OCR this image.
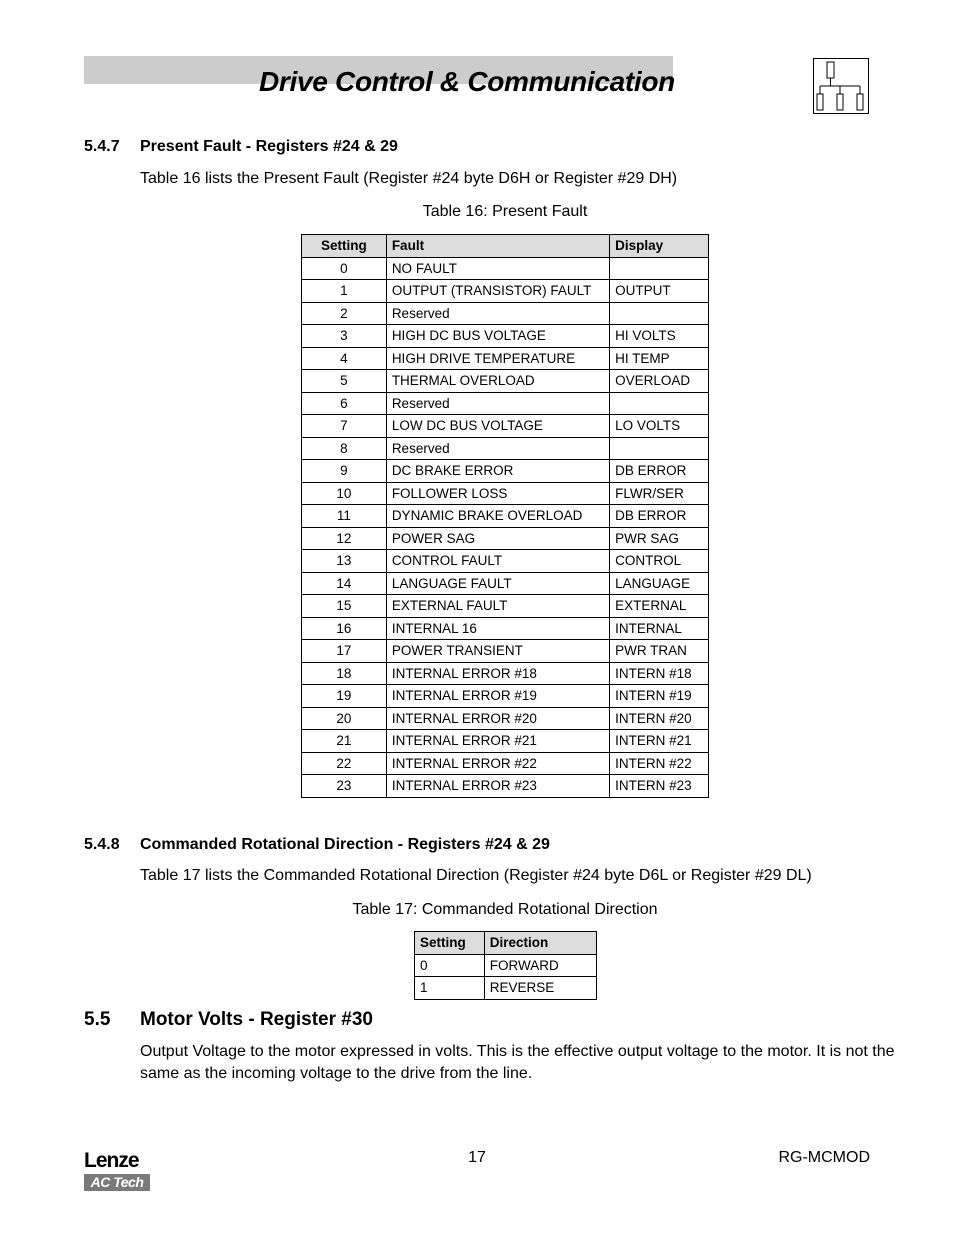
Drive Control & Communication
5.4.7 Present Fault - Registers #24 & 29
Table 16 lists the Present Fault (Register #24 byte D6H or Register #29 DH)
Table 16: Present Fault
Setting	Fault	Display
0	NO FAULT	
1	OUTPUT (TRANSISTOR) FAULT	OUTPUT
2	Reserved	
3	HIGH DC BUS VOLTAGE	HI VOLTS
4	HIGH DRIVE TEMPERATURE	HI TEMP
5	THERMAL OVERLOAD	OVERLOAD
6	Reserved	
7	LOW DC BUS VOLTAGE	LO VOLTS
8	Reserved	
9	DC BRAKE ERROR	DB ERROR
10	FOLLOWER LOSS	FLWR/SER
11	DYNAMIC BRAKE OVERLOAD	DB ERROR
12	POWER SAG	PWR SAG
13	CONTROL FAULT	CONTROL
14	LANGUAGE FAULT	LANGUAGE
15	EXTERNAL FAULT	EXTERNAL
16	INTERNAL 16	INTERNAL
17	POWER TRANSIENT	PWR TRAN
18	INTERNAL ERROR #18	INTERN #18
19	INTERNAL ERROR #19	INTERN #19
20	INTERNAL ERROR #20	INTERN #20
21	INTERNAL ERROR #21	INTERN #21
22	INTERNAL ERROR #22	INTERN #22
23	INTERNAL ERROR #23	INTERN #23
5.4.8 Commanded Rotational Direction - Registers #24 & 29
Table 17 lists the Commanded Rotational Direction (Register #24 byte D6L or Register #29 DL)
Table 17: Commanded Rotational Direction
Setting	Direction
0	FORWARD
1	REVERSE
5.5 Motor Volts - Register #30
Output Voltage to the motor expressed in volts. This is the effective output voltage to the motor. It is not the
same as the incoming voltage to the drive from the line.
Lenze
AC Tech
17	RG-MCMOD
